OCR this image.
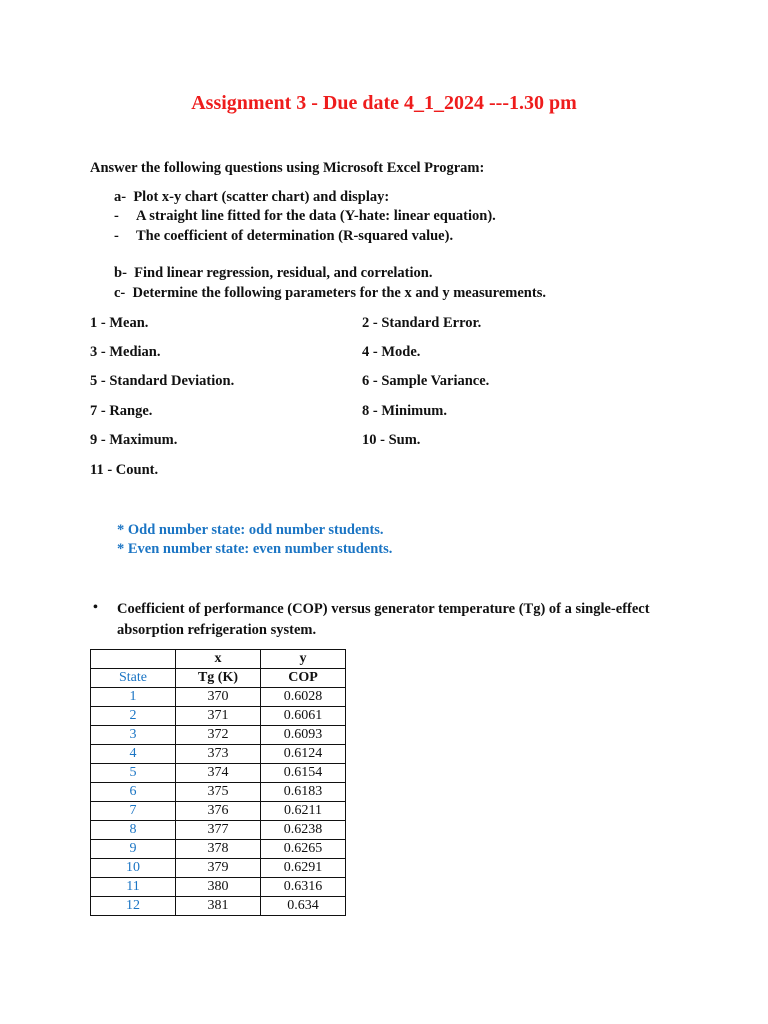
Assignment 3 - Due date 4_1_2024 ---1.30 pm
Answer the following questions using Microsoft Excel Program:
a-  Plot x-y chart (scatter chart) and display:
- A straight line fitted for the data (Y-hate: linear equation).
- The coefficient of determination (R-squared value).
b-  Find linear regression, residual, and correlation.
c-  Determine the following parameters for the x and y measurements.
1 - Mean.	2 - Standard Error.
3 - Median.	4 - Mode.
5 - Standard Deviation.	6 - Sample Variance.
7 - Range.	8 - Minimum.
9 - Maximum.	10 - Sum.
11 - Count.
* Odd number state: odd number students.
* Even number state: even number students.
• Coefficient of performance (COP) versus generator temperature (Tg) of a single-effect
absorption refrigeration system.
	x	y
State	Tg (K)	COP
1	370	0.6028
2	371	0.6061
3	372	0.6093
4	373	0.6124
5	374	0.6154
6	375	0.6183
7	376	0.6211
8	377	0.6238
9	378	0.6265
10	379	0.6291
11	380	0.6316
12	381	0.634
